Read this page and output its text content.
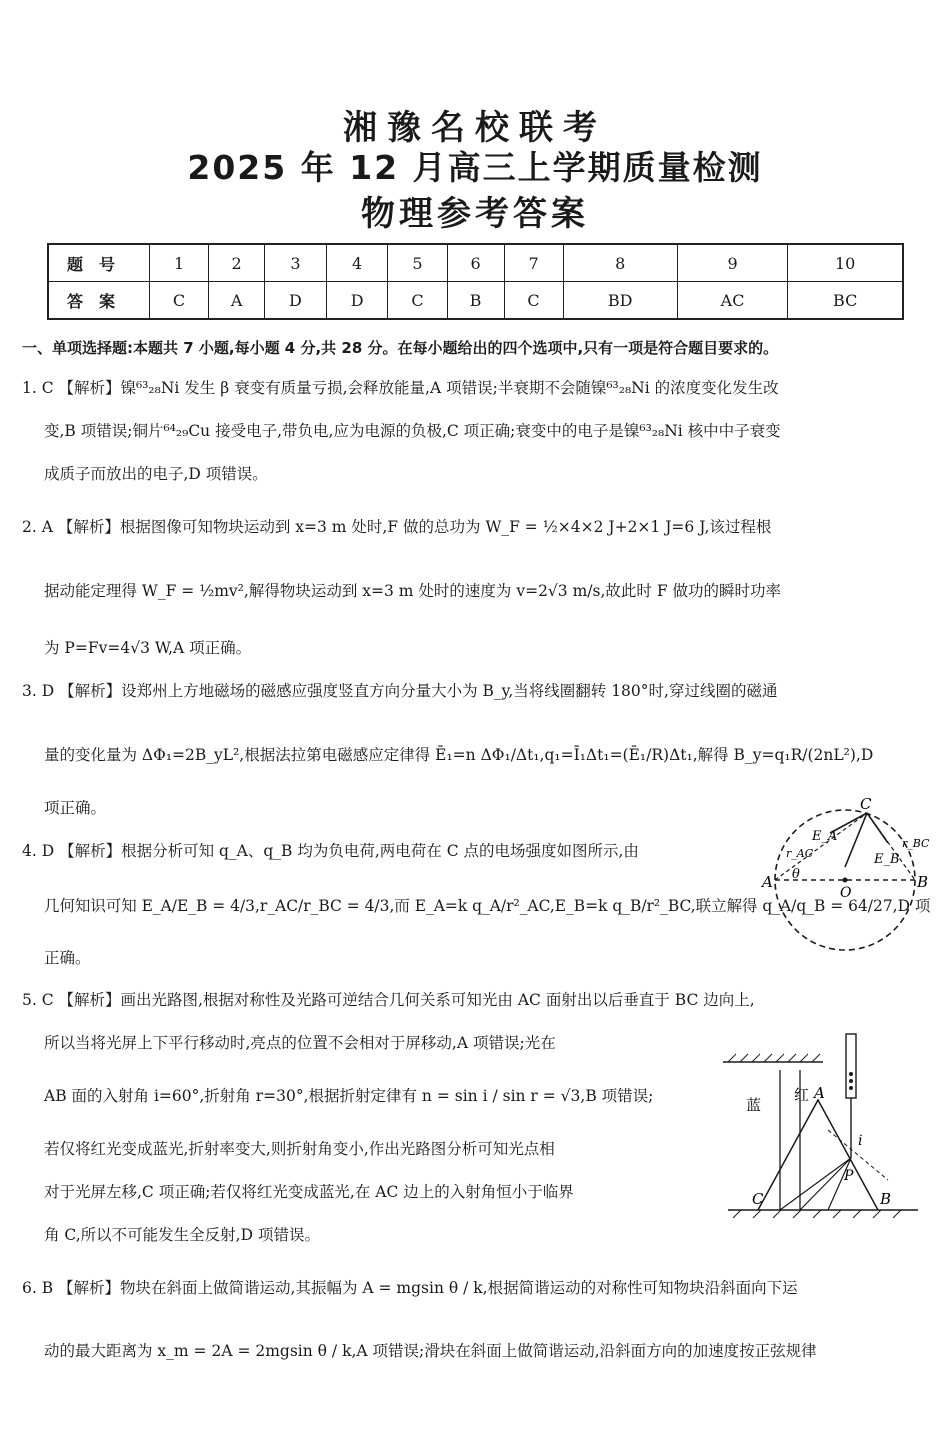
湘豫名校联考
2025 年 12 月高三上学期质量检测
物理参考答案
题号	1	2	3	4	5	6	7	8	9	10
答案	C	A	D	D	C	B	C	BD	AC	BC
一、单项选择题:本题共 7 小题,每小题 4 分,共 28 分。在每小题给出的四个选项中,只有一项是符合题目要求的。
1. C 【解析】镍⁶³₂₈Ni 发生 β 衰变有质量亏损,会释放能量,A 项错误;半衰期不会随镍⁶³₂₈Ni 的浓度变化发生改
变,B 项错误;铜片⁶⁴₂₉Cu 接受电子,带负电,应为电源的负极,C 项正确;衰变中的电子是镍⁶³₂₈Ni 核中中子衰变
成质子而放出的电子,D 项错误。
2. A 【解析】根据图像可知物块运动到 x=3 m 处时,F 做的总功为 W_F = ½×4×2 J+2×1 J=6 J,该过程根
据动能定理得 W_F = ½mv²,解得物块运动到 x=3 m 处时的速度为 v=2√3 m/s,故此时 F 做功的瞬时功率
为 P=Fv=4√3 W,A 项正确。
3. D 【解析】设郑州上方地磁场的磁感应强度竖直方向分量大小为 B_y,当将线圈翻转 180°时,穿过线圈的磁通
量的变化量为 ΔΦ₁=2B_yL²,根据法拉第电磁感应定律得 Ē₁=n ΔΦ₁/Δt₁,q₁=Ī₁Δt₁=(Ē₁/R)Δt₁,解得 B_y=q₁R/(2nL²),D
项正确。
4. D 【解析】根据分析可知 q_A、q_B 均为负电荷,两电荷在 C 点的电场强度如图所示,由
几何知识可知 E_A/E_B = 4/3,r_AC/r_BC = 4/3,而 E_A=k q_A/r²_AC,E_B=k q_B/r²_BC,联立解得 q_A/q_B = 64/27,D 项
正确。
5. C 【解析】画出光路图,根据对称性及光路可逆结合几何关系可知光由 AC 面射出以后垂直于 BC 边向上,
所以当将光屏上下平行移动时,亮点的位置不会相对于屏移动,A 项错误;光在
AB 面的入射角 i=60°,折射角 r=30°,根据折射定律有 n = sin i / sin r = √3,B 项错误;
若仅将红光变成蓝光,折射率变大,则折射角变小,作出光路图分析可知光点相
对于光屏左移,C 项正确;若仅将红光变成蓝光,在 AC 边上的入射角恒小于临界
角 C,所以不可能发生全反射,D 项错误。
6. B 【解析】物块在斜面上做简谐运动,其振幅为 A = mgsin θ / k,根据简谐运动的对称性可知物块沿斜面向下运
动的最大距离为 x_m = 2A = 2mgsin θ / k,A 项错误;滑块在斜面上做简谐运动,沿斜面方向的加速度按正弦规律
C
A
O
B
E_A
E_B
r_AC
r_BC
θ
蓝
红 A
i
P
B
C
